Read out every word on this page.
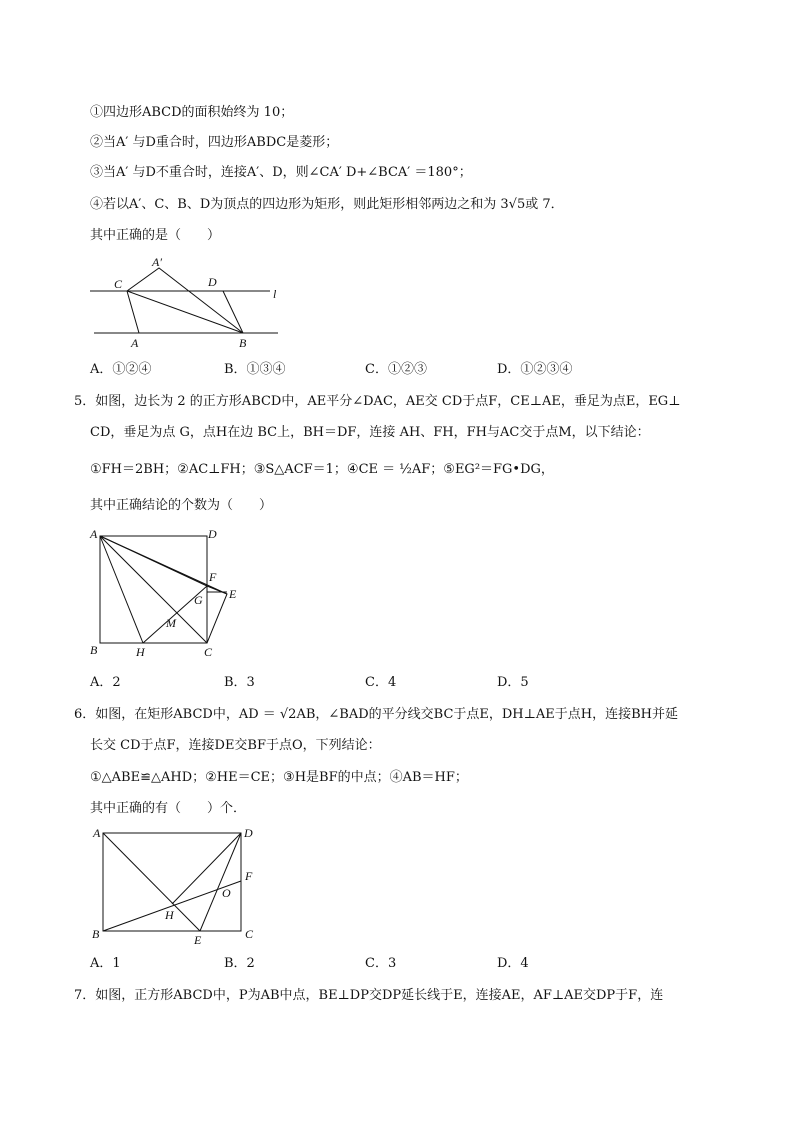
①四边形ABCD的面积始终为 10；
②当A′ 与D重合时，四边形ABDC是菱形；
③当A′ 与D不重合时，连接A′、D，则∠CA′ D+∠BCA′ ＝180°；
④若以A′、C、B、D为顶点的四边形为矩形，则此矩形相邻两边之和为 3√5或 7．
其中正确的是（　　）
A′
C	D
l
A	B
A．①②④	B．①③④	C．①②③	D．①②③④
5．如图，边长为 2 的正方形ABCD中，AE平分∠DAC，AE交 CD于点F，CE⊥AE，垂足为点E，EG⊥
CD，垂足为点 G，点H在边 BC上，BH＝DF，连接 AH、FH，FH与AC交于点M，以下结论：
①FH＝2BH；②AC⊥FH；③S△ACF＝1；④CE ＝ ½AF；⑤EG²＝FG•DG，
其中正确结论的个数为（　　）
A	D
F
G E
M
B	H	C
A．2	B．3	C．4	D．5
6．如图，在矩形ABCD中，AD ＝ √2AB，∠BAD的平分线交BC于点E，DH⊥AE于点H，连接BH并延
长交 CD于点F，连接DE交BF于点O，下列结论：
①△ABE≌△AHD；②HE＝CE；③H是BF的中点；④AB＝HF；
其中正确的有（　　）个．
A	D
F
O
H
B	E	C
A．1	B．2	C．3	D．4
7．如图，正方形ABCD中，P为AB中点，BE⊥DP交DP延长线于E，连接AE，AF⊥AE交DP于F，连
